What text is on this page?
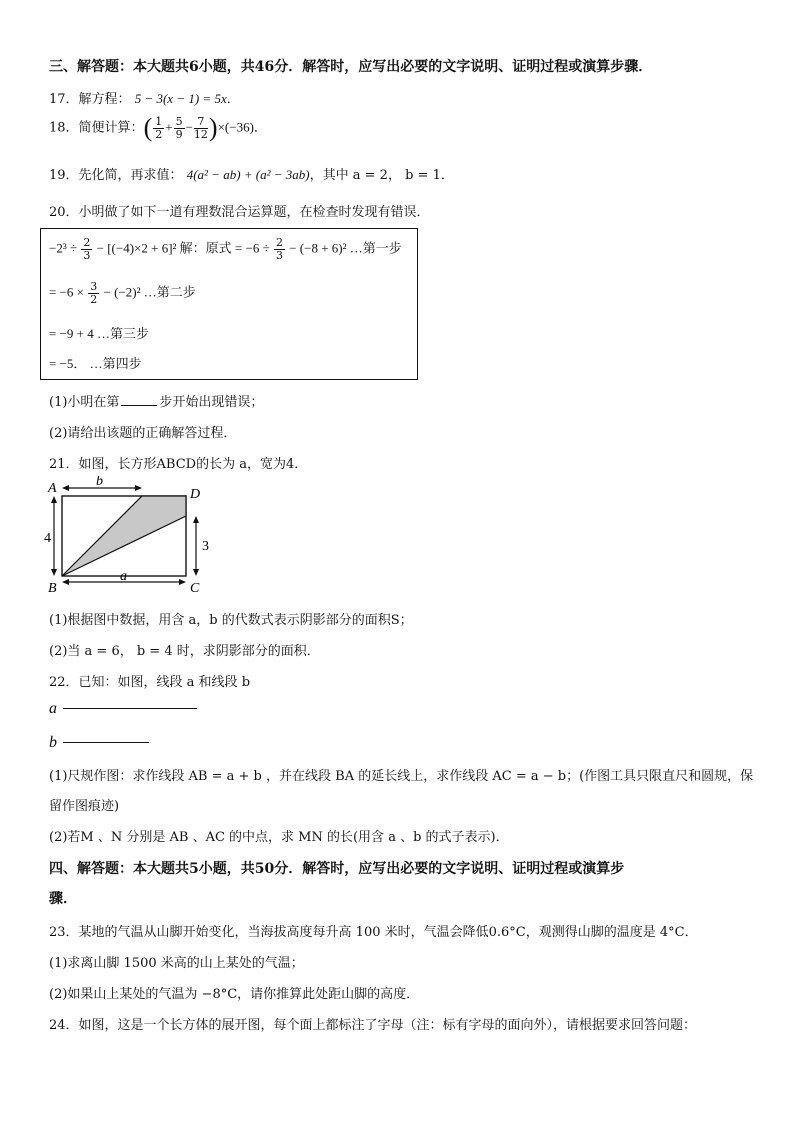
三、解答题：本大题共6小题，共46分．解答时，应写出必要的文字说明、证明过程或演算步骤．
17．解方程： 5 − 3(x − 1) = 5x．
18．简便计算：( $\frac{1}{2} + \frac{5}{9} - \frac{7}{12} )\times(-36)$．
19．先化简，再求值： 4(a² − ab) + (a² − 3ab)，其中 a = 2， b = 1．
20．小明做了如下一道有理数混合运算题，在检查时发现有错误．
$-2^3 \div \frac{2}{3} - [(-4)\times 2 + 6]^2$ 解：原式 = $-6 \div \frac{2}{3} - (-8 + 6)^2$ …第一步
= $-6 \times \frac{3}{2} - (-2)^2$ …第二步
= −9 + 4 …第三步
= −5． …第四步
(1)小明在第	步开始出现错误；
(2)请给出该题的正确解答过程．
21．如图，长方形ABCD的长为 a，宽为4．
A	D
B	C
b
4
3
a
(1)根据图中数据，用含 a，b 的代数式表示阴影部分的面积S；
(2)当 a = 6， b = 4 时，求阴影部分的面积．
22．已知：如图，线段 a 和线段 b
a
b
(1)尺规作图：求作线段 AB = a + b ，并在线段 BA 的延长线上，求作线段 AC = a − b；(作图工具只限直尺和圆规，保
留作图痕迹)
(2)若M 、N 分别是 AB 、AC 的中点，求 MN 的长(用含 a 、b 的式子表示)．
四、解答题：本大题共5小题，共50分．解答时，应写出必要的文字说明、证明过程或演算步
骤．
23．某地的气温从山脚开始变化，当海拔高度每升高 100 米时，气温会降低0.6°C，观测得山脚的温度是 4°C．
(1)求离山脚 1500 米高的山上某处的气温；
(2)如果山上某处的气温为 −8°C，请你推算此处距山脚的高度．
24．如图，这是一个长方体的展开图，每个面上都标注了字母（注：标有字母的面向外），请根据要求回答问题：
